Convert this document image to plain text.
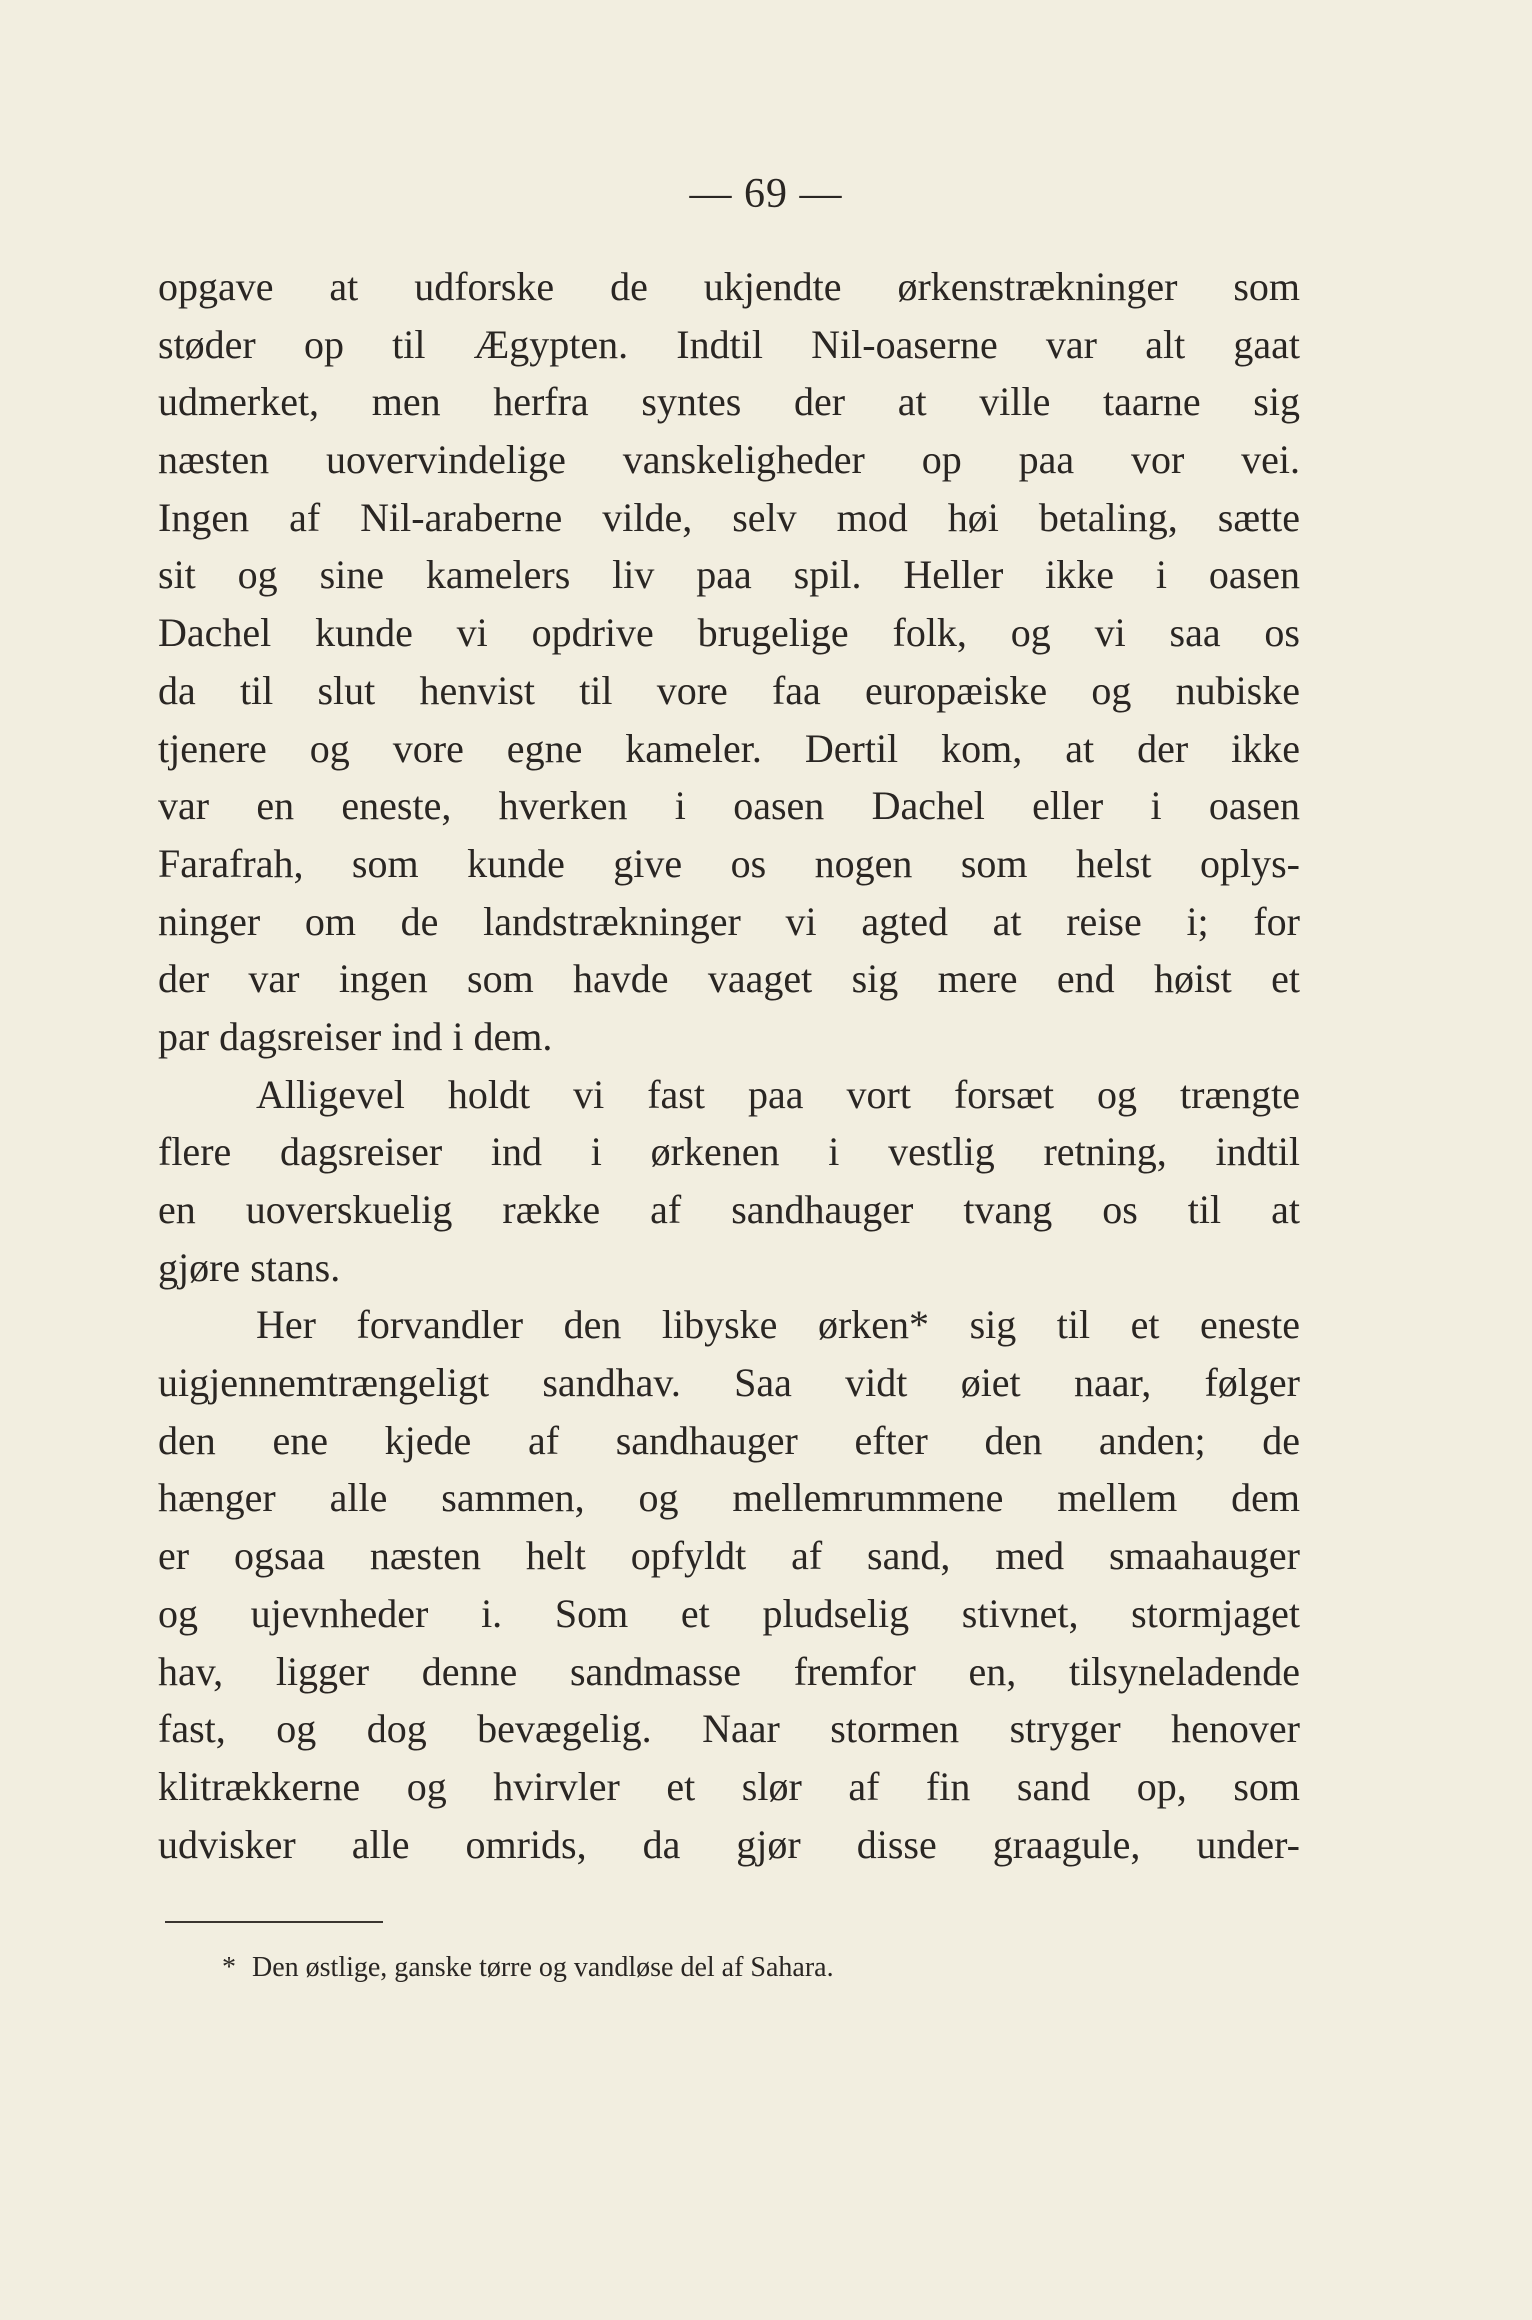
— 69 —
opgave at udforske de ukjendte ørkenstrækninger som
støder op til Ægypten. Indtil Nil-oaserne var alt gaat
udmerket, men herfra syntes der at ville taarne sig
næsten uovervindelige vanskeligheder op paa vor vei.
Ingen af Nil-araberne vilde, selv mod høi betaling, sætte
sit og sine kamelers liv paa spil. Heller ikke i oasen
Dachel kunde vi opdrive brugelige folk, og vi saa os
da til slut henvist til vore faa europæiske og nubiske
tjenere og vore egne kameler. Dertil kom, at der ikke
var en eneste, hverken i oasen Dachel eller i oasen
Farafrah, som kunde give os nogen som helst oplys-
ninger om de landstrækninger vi agted at reise i; for
der var ingen som havde vaaget sig mere end høist et
par dagsreiser ind i dem.
Alligevel holdt vi fast paa vort forsæt og trængte
flere dagsreiser ind i ørkenen i vestlig retning, indtil
en uoverskuelig række af sandhauger tvang os til at
gjøre stans.
Her forvandler den libyske ørken* sig til et eneste
uigjennemtrængeligt sandhav. Saa vidt øiet naar, følger
den ene kjede af sandhauger efter den anden; de
hænger alle sammen, og mellemrummene mellem dem
er ogsaa næsten helt opfyldt af sand, med smaahauger
og ujevnheder i. Som et pludselig stivnet, stormjaget
hav, ligger denne sandmasse fremfor en, tilsyneladende
fast, og dog bevægelig. Naar stormen stryger henover
klitrækkerne og hvirvler et slør af fin sand op, som
udvisker alle omrids, da gjør disse graagule, under-
* Den østlige, ganske tørre og vandløse del af Sahara.
